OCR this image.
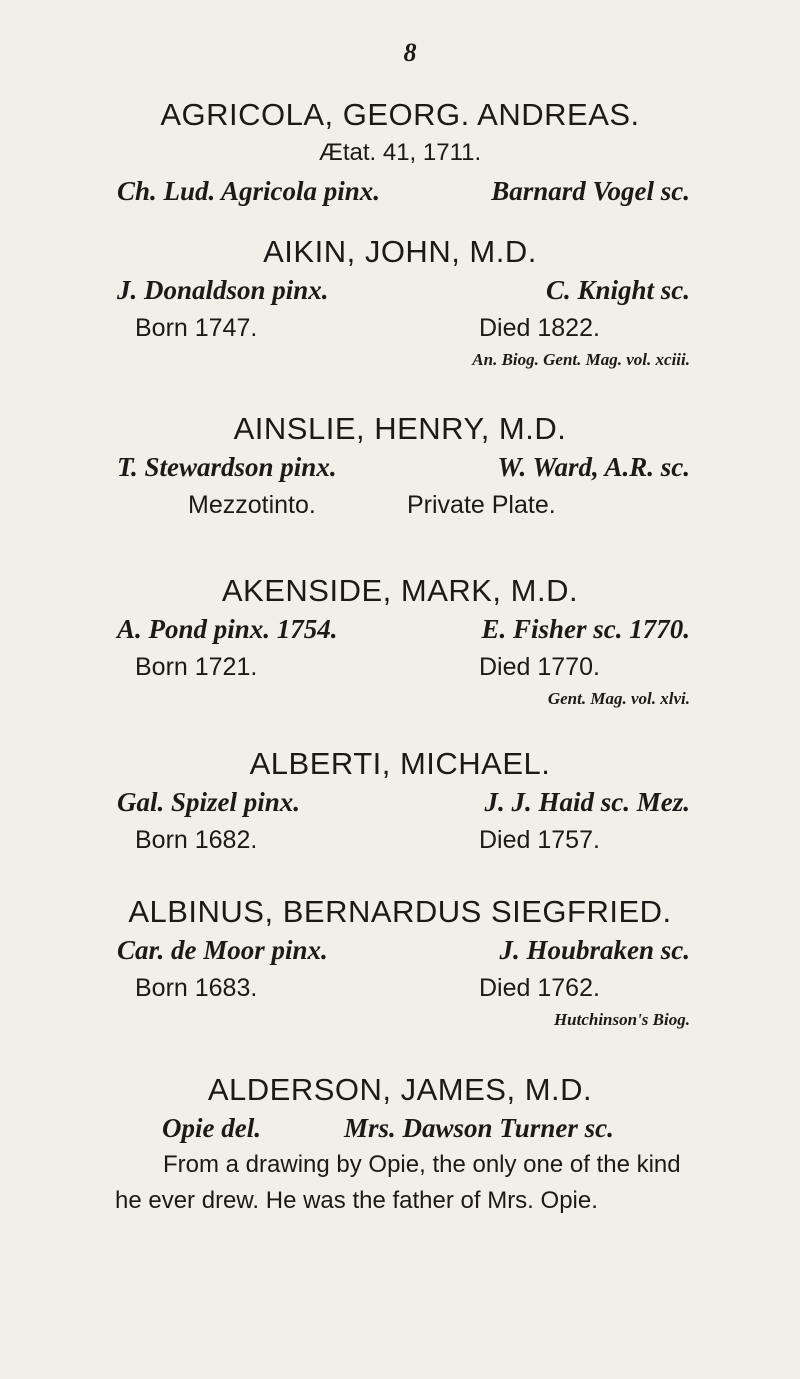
8
AGRICOLA, GEORG. ANDREAS.
Ætat. 41, 1711.
Ch. Lud. Agricola pinx.	Barnard Vogel sc.
AIKIN, JOHN, M.D.
J. Donaldson pinx.	C. Knight sc.
Born 1747.	Died 1822.
An. Biog. Gent. Mag. vol. xciii.
AINSLIE, HENRY, M.D.
T. Stewardson pinx.	W. Ward, A.R. sc.
Mezzotinto.	Private Plate.
AKENSIDE, MARK, M.D.
A. Pond pinx. 1754.	E. Fisher sc. 1770.
Born 1721.	Died 1770.
Gent. Mag. vol. xlvi.
ALBERTI, MICHAEL.
Gal. Spizel pinx.	J. J. Haid sc. Mez.
Born 1682.	Died 1757.
ALBINUS, BERNARDUS SIEGFRIED.
Car. de Moor pinx.	J. Houbraken sc.
Born 1683.	Died 1762.
Hutchinson's Biog.
ALDERSON, JAMES, M.D.
Opie del.	Mrs. Dawson Turner sc.
From a drawing by Opie, the only one of the kind
he ever drew. He was the father of Mrs. Opie.
